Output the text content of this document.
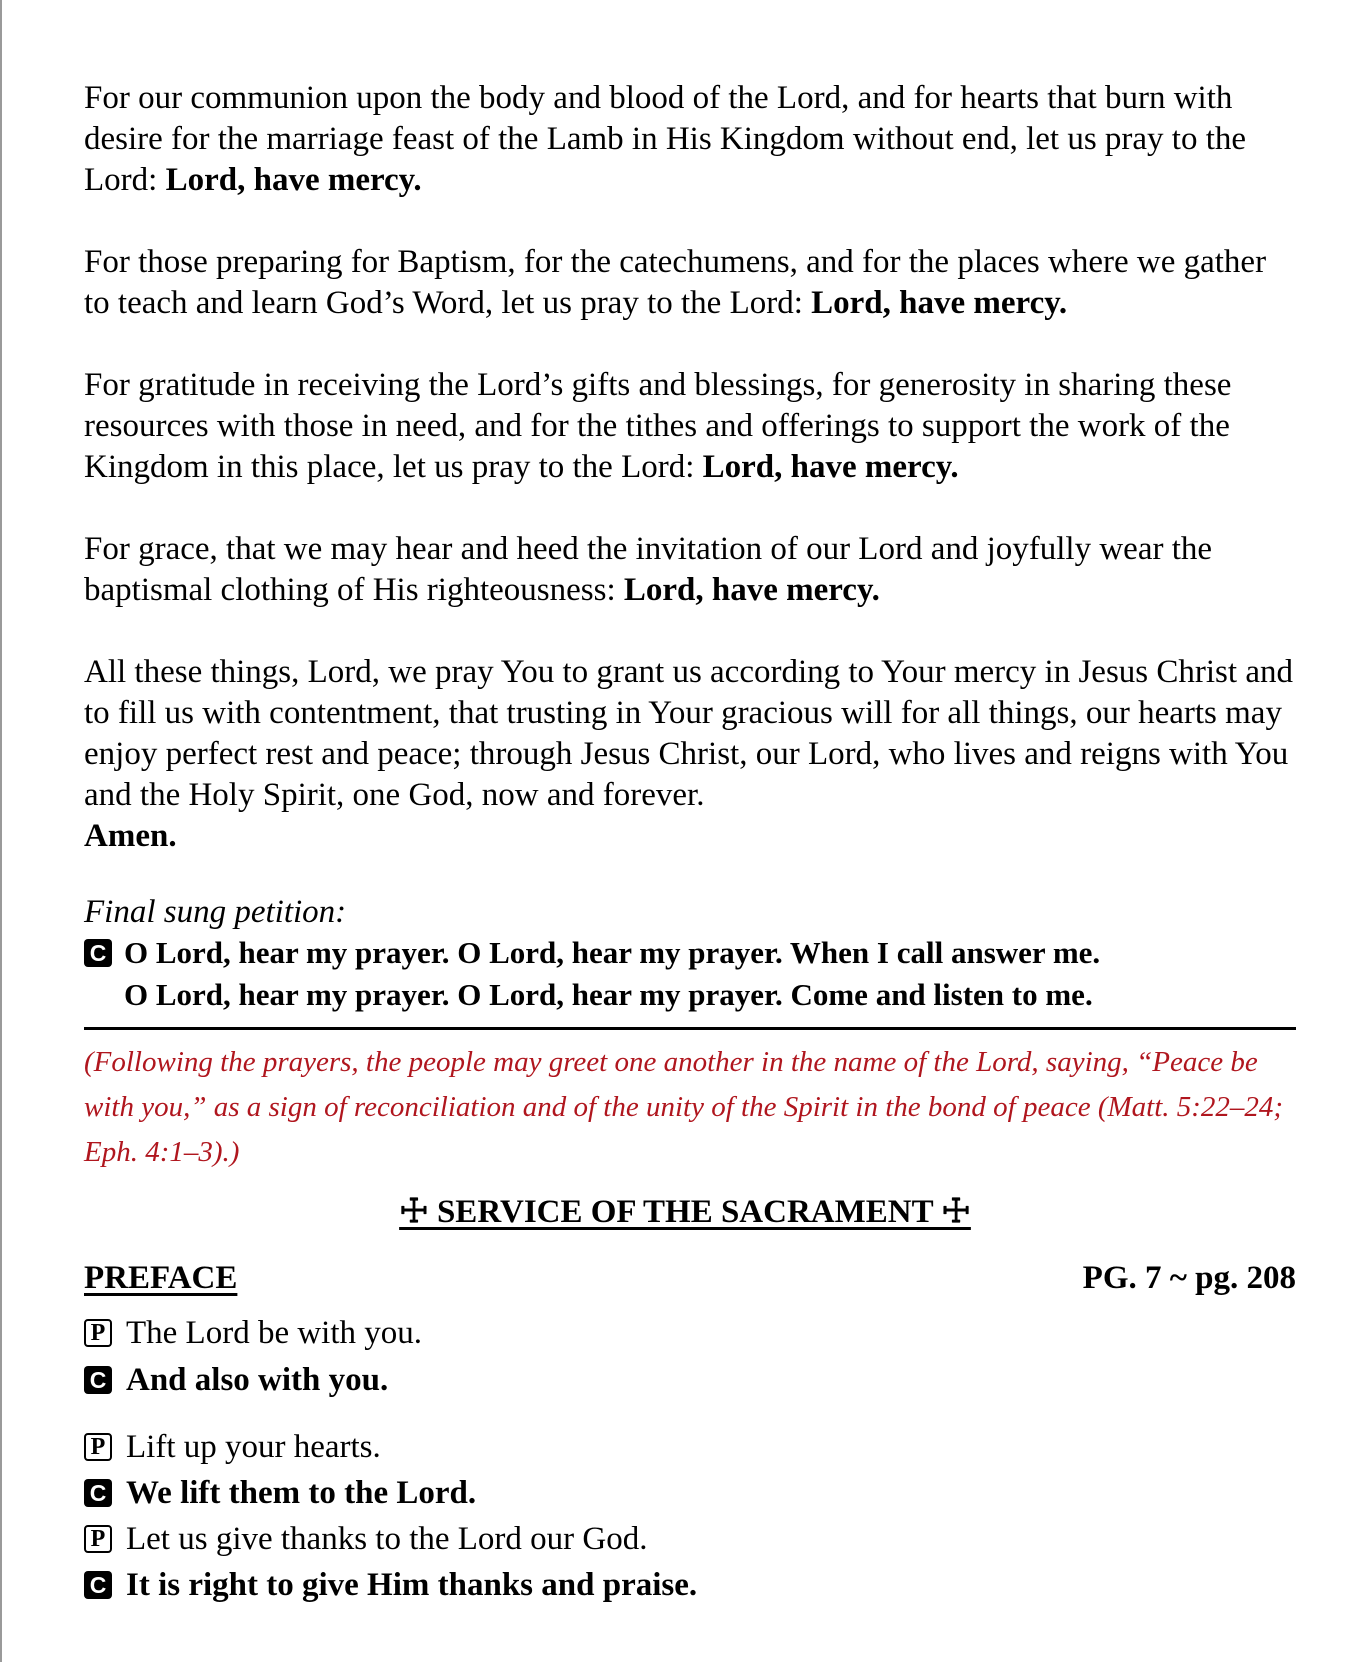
For our communion upon the body and blood of the Lord, and for hearts that burn with desire for the marriage feast of the Lamb in His Kingdom without end, let us pray to the Lord: Lord, have mercy.

For those preparing for Baptism, for the catechumens, and for the places where we gather to teach and learn God’s Word, let us pray to the Lord: Lord, have mercy.

For gratitude in receiving the Lord’s gifts and blessings, for generosity in sharing these resources with those in need, and for the tithes and offerings to support the work of the Kingdom in this place, let us pray to the Lord: Lord, have mercy.

For grace, that we may hear and heed the invitation of our Lord and joyfully wear the baptismal clothing of His righteousness: Lord, have mercy.

All these things, Lord, we pray You to grant us according to Your mercy in Jesus Christ and to fill us with contentment, that trusting in Your gracious will for all things, our hearts may enjoy perfect rest and peace; through Jesus Christ, our Lord, who lives and reigns with You and the Holy Spirit, one God, now and forever.
Amen.

Final sung petition:
C O Lord, hear my prayer. O Lord, hear my prayer. When I call answer me.
O Lord, hear my prayer. O Lord, hear my prayer. Come and listen to me.
(Following the prayers, the people may greet one another in the name of the Lord, saying, “Peace be with you,” as a sign of reconciliation and of the unity of the Spirit in the bond of peace (Matt. 5:22–24; Eph. 4:1–3).)
☩ SERVICE OF THE SACRAMENT ☩
PREFACE	PG. 7 ~ pg. 208
P The Lord be with you.
C And also with you.
P Lift up your hearts.
C We lift them to the Lord.
P Let us give thanks to the Lord our God.
C It is right to give Him thanks and praise.
